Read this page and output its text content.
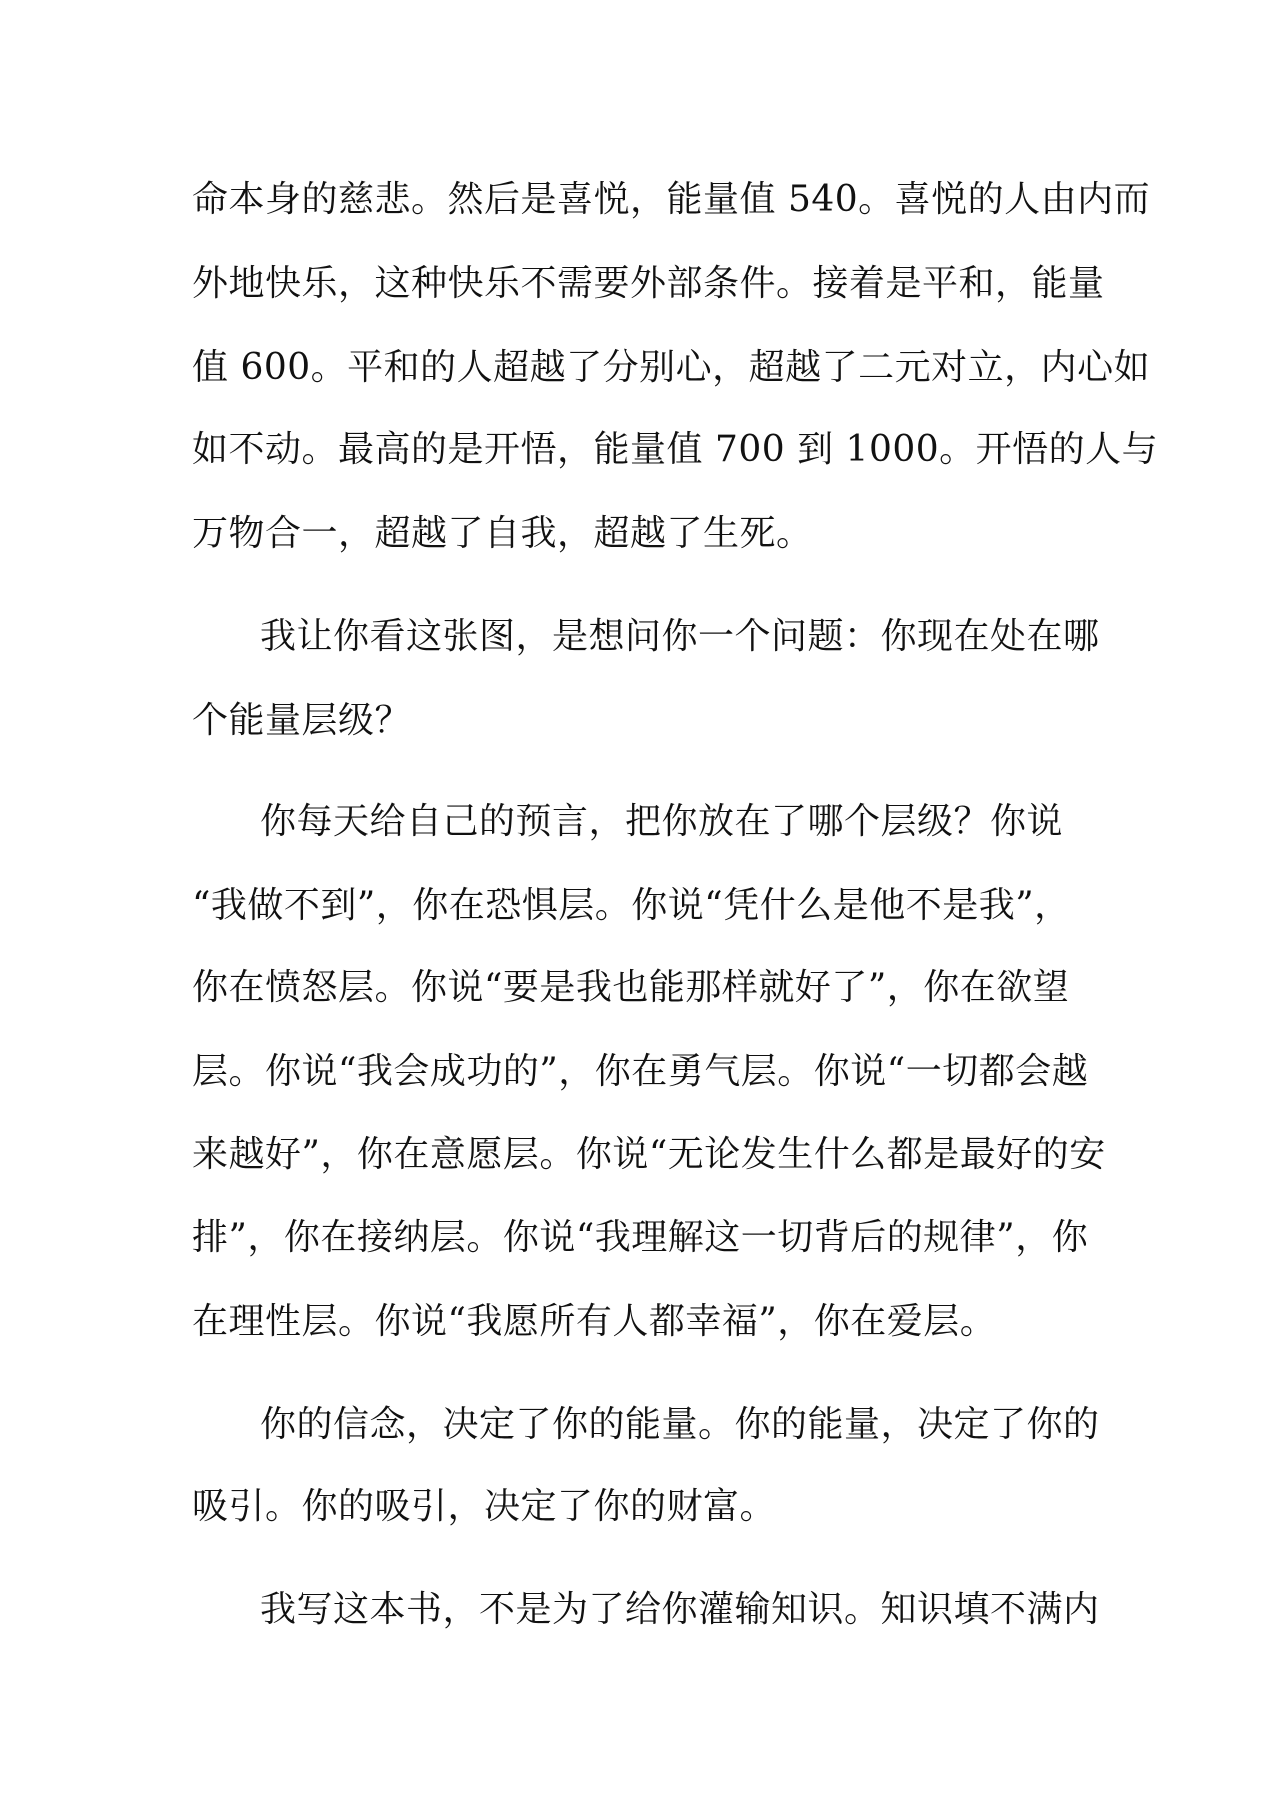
命本身的慈悲。然后是喜悦，能量值 540。喜悦的人由内而
外地快乐，这种快乐不需要外部条件。接着是平和，能量
值 600。平和的人超越了分别心，超越了二元对立，内心如
如不动。最高的是开悟，能量值 700 到 1000。开悟的人与
万物合一，超越了自我，超越了生死。
我让你看这张图，是想问你一个问题：你现在处在哪
个能量层级？
你每天给自己的预言，把你放在了哪个层级？你说
“我做不到”，你在恐惧层。你说“凭什么是他不是我”，
你在愤怒层。你说“要是我也能那样就好了”，你在欲望
层。你说“我会成功的”，你在勇气层。你说“一切都会越
来越好”，你在意愿层。你说“无论发生什么都是最好的安
排”，你在接纳层。你说“我理解这一切背后的规律”，你
在理性层。你说“我愿所有人都幸福”，你在爱层。
你的信念，决定了你的能量。你的能量，决定了你的
吸引。你的吸引，决定了你的财富。
我写这本书，不是为了给你灌输知识。知识填不满内
